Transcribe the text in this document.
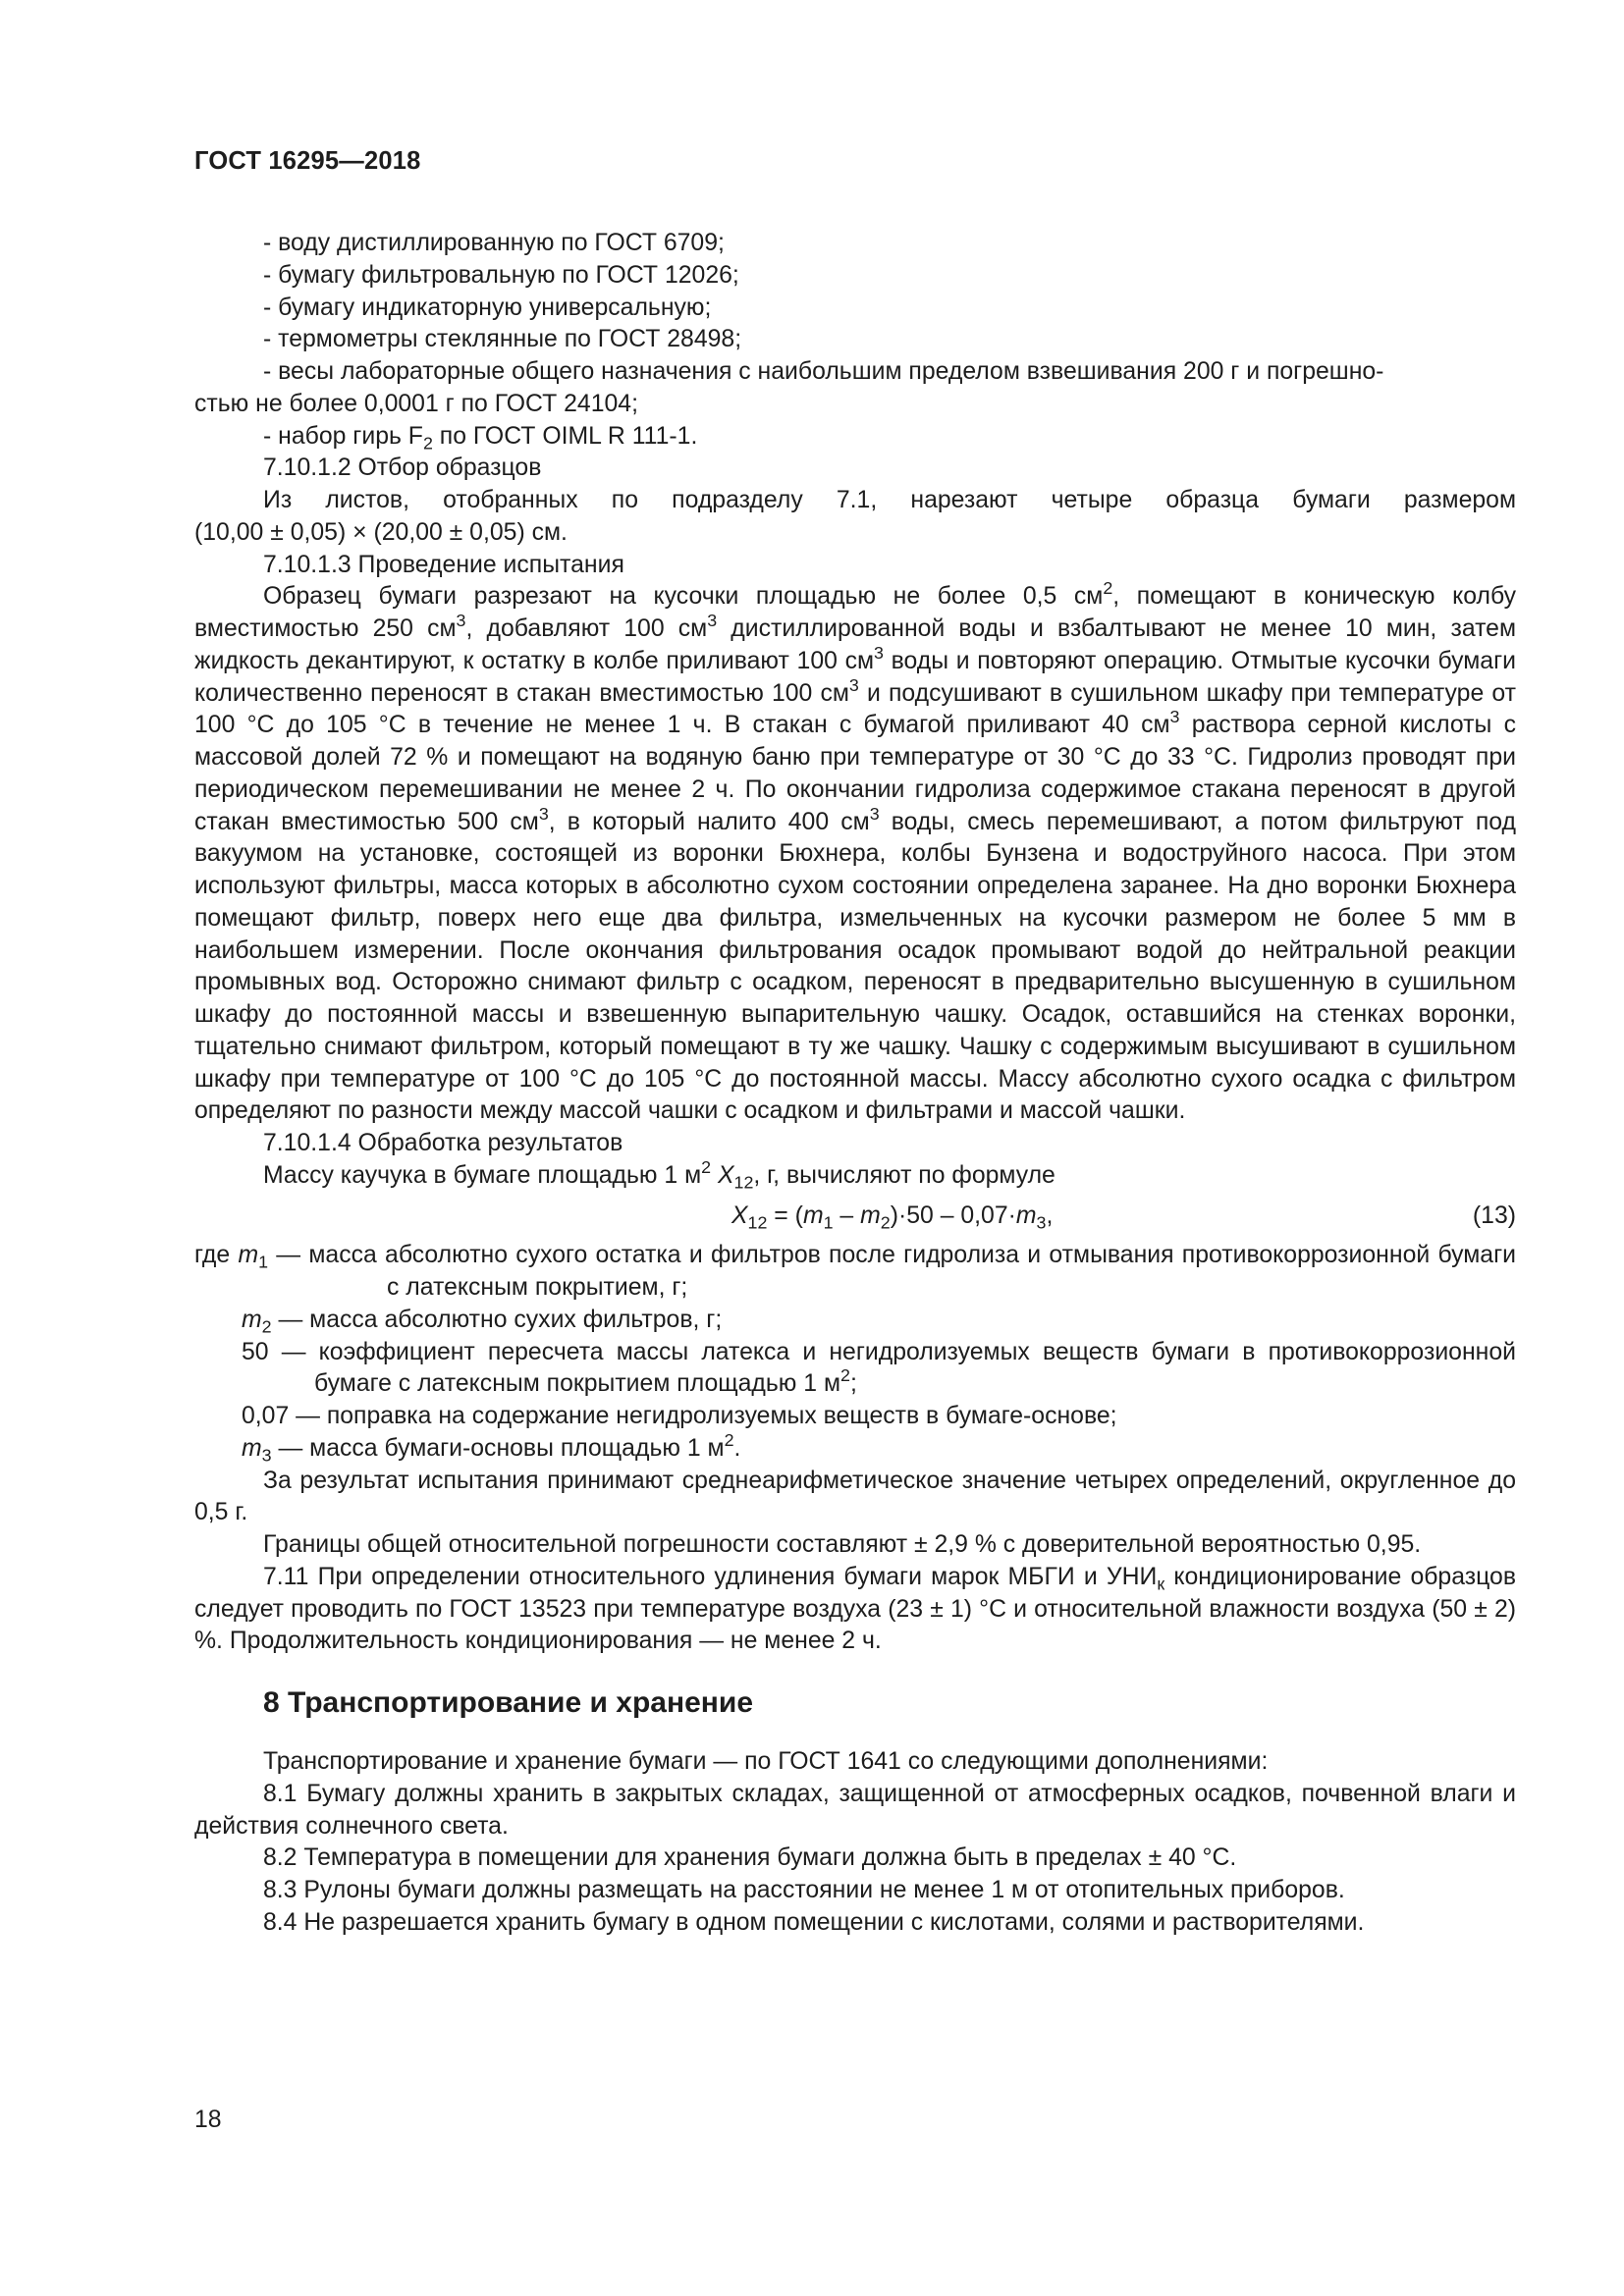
ГОСТ 16295—2018

- воду дистиллированную по ГОСТ 6709;

- бумагу фильтровальную по ГОСТ 12026;

- бумагу индикаторную универсальную;

- термометры стеклянные по ГОСТ 28498;

- весы лабораторные общего назначения с наибольшим пределом взвешивания 200 г и погрешно-

стью не более 0,0001 г по ГОСТ 24104;

- набор гирь $F_2$ по ГОСТ OIML R 111-1.

7.10.1.2 Отбор образцов

Из листов, отобранных по подразделу 7.1, нарезают четыре образца бумаги размером

(10,00 ± 0,05) × (20,00 ± 0,05) см.

7.10.1.3 Проведение испытания

Образец бумаги разрезают на кусочки площадью не более 0,5 $см^2$, помещают в коническую колбу вместимостью 250 $см^3$, добавляют 100 $см^3$ дистиллированной воды и взбалтывают не менее 10 мин, затем жидкость декантируют, к остатку в колбе приливают 100 $см^3$ воды и повторяют операцию. Отмытые кусочки бумаги количественно переносят в стакан вместимостью 100 $см^3$ и подсушивают в сушильном шкафу при температуре от 100 °С до 105 °С в течение не менее 1 ч. В стакан с бумагой приливают 40 $см^3$ раствора серной кислоты с массовой долей 72 % и помещают на водяную баню при температуре от 30 °С до 33 °С. Гидролиз проводят при периодическом перемешивании не менее 2 ч. По окончании гидролиза содержимое стакана переносят в другой стакан вместимостью 500 $см^3$, в который налито 400 $см^3$ воды, смесь перемешивают, а потом фильтруют под вакуумом на установке, состоящей из воронки Бюхнера, колбы Бунзена и водоструйного насоса. При этом используют фильтры, масса которых в абсолютно сухом состоянии определена заранее. На дно воронки Бюхнера помещают фильтр, поверх него еще два фильтра, измельченных на кусочки размером не более 5 мм в наибольшем измерении. После окончания фильтрования осадок промывают водой до нейтральной реакции промывных вод. Осторожно снимают фильтр с осадком, переносят в предварительно высушенную в сушильном шкафу до постоянной массы и взвешенную выпарительную чашку. Осадок, оставшийся на стенках воронки, тщательно снимают фильтром, который помещают в ту же чашку. Чашку с содержимым высушивают в сушильном шкафу при температуре от 100 °С до 105 °С до постоянной массы. Массу абсолютно сухого осадка с фильтром определяют по разности между массой чашки с осадком и фильтрами и массой чашки.

7.10.1.4 Обработка результатов

Массу каучука в бумаге площадью 1 $м^2$ $X_{12}$, г, вычисляют по формуле

$X_{12} = (m_1 - m_2)\cdot 50 - 0,07\cdot m_3$,	(13)

где $m_1$ — масса абсолютно сухого остатка и фильтров после гидролиза и отмывания противокоррозионной бумаги с латексным покрытием, г;

$m_2$ — масса абсолютно сухих фильтров, г;

50 — коэффициент пересчета массы латекса и негидролизуемых веществ бумаги в противокоррозионной бумаге с латексным покрытием площадью 1 $м^2$;

0,07 — поправка на содержание негидролизуемых веществ в бумаге-основе;

$m_3$ — масса бумаги-основы площадью 1 $м^2$.

За результат испытания принимают среднеарифметическое значение четырех определений, округленное до 0,5 г.

Границы общей относительной погрешности составляют ± 2,9 % с доверительной вероятностью 0,95.

7.11 При определении относительного удлинения бумаги марок МБГИ и $УНИ_к$ кондиционирование образцов следует проводить по ГОСТ 13523 при температуре воздуха (23 ± 1) °С и относительной влажности воздуха (50 ± 2) %. Продолжительность кондиционирования — не менее 2 ч.

8 Транспортирование и хранение

Транспортирование и хранение бумаги — по ГОСТ 1641 со следующими дополнениями:

8.1 Бумагу должны хранить в закрытых складах, защищенной от атмосферных осадков, почвенной влаги и действия солнечного света.

8.2 Температура в помещении для хранения бумаги должна быть в пределах ± 40 °С.

8.3 Рулоны бумаги должны размещать на расстоянии не менее 1 м от отопительных приборов.

8.4 Не разрешается хранить бумагу в одном помещении с кислотами, солями и растворителями.

18
